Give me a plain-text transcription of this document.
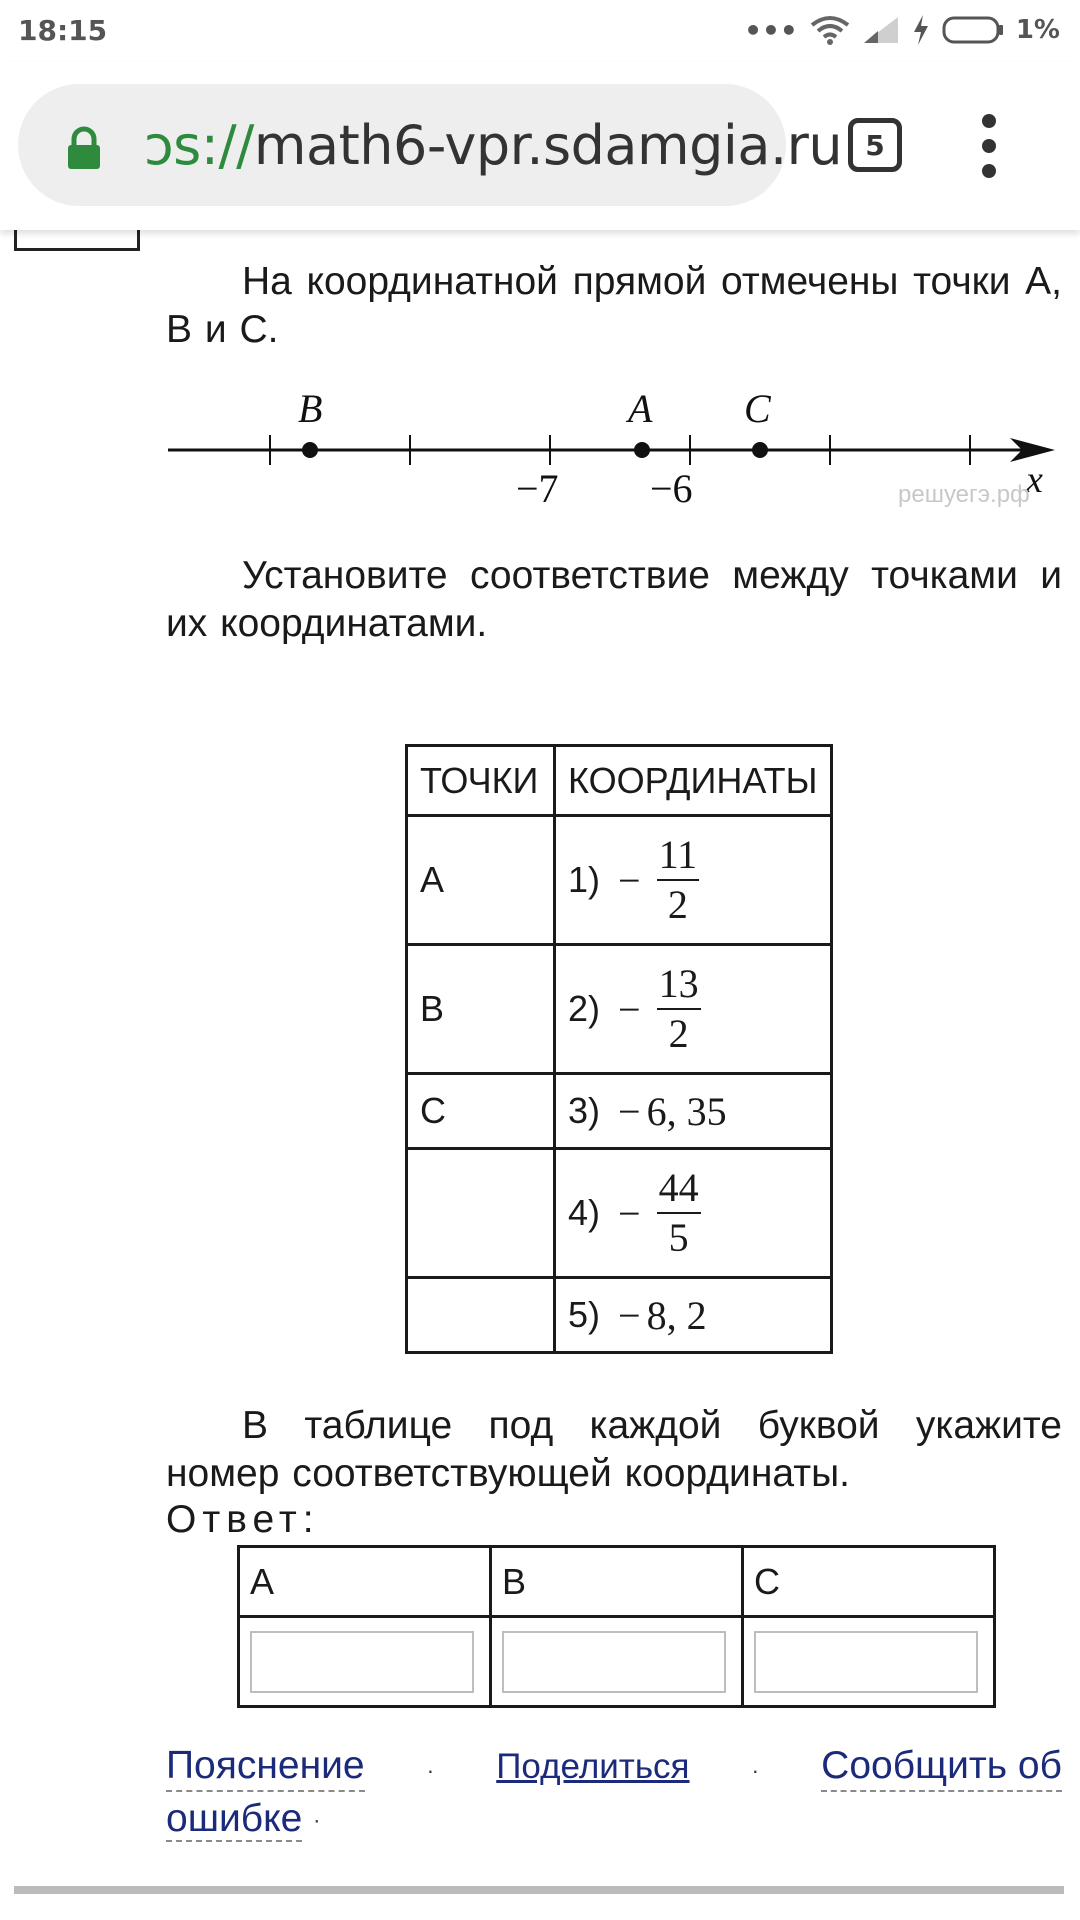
18:15	•••	1%
ɔs://math6-vpr.sdamgia.ru 5
На координатной прямой отмечены точки A, B и C.
B	A C
−7 −6	x
решуегэ.рф
Установите соответствие между точками и их координатами.
ТОЧКИ	КООРДИНАТЫ
A	$1) - \frac{11}{2}$

B	$2) - \frac{13}{2}$

C	3) − 6, 35

	$4) - \frac{44}{5}$

	5) − 8, 2
В таблице под каждой буквой укажите номер соответствующей координаты.
Ответ:
A	B	C

Пояснение	· Поделиться	· Сообщить об
ошибке ·
